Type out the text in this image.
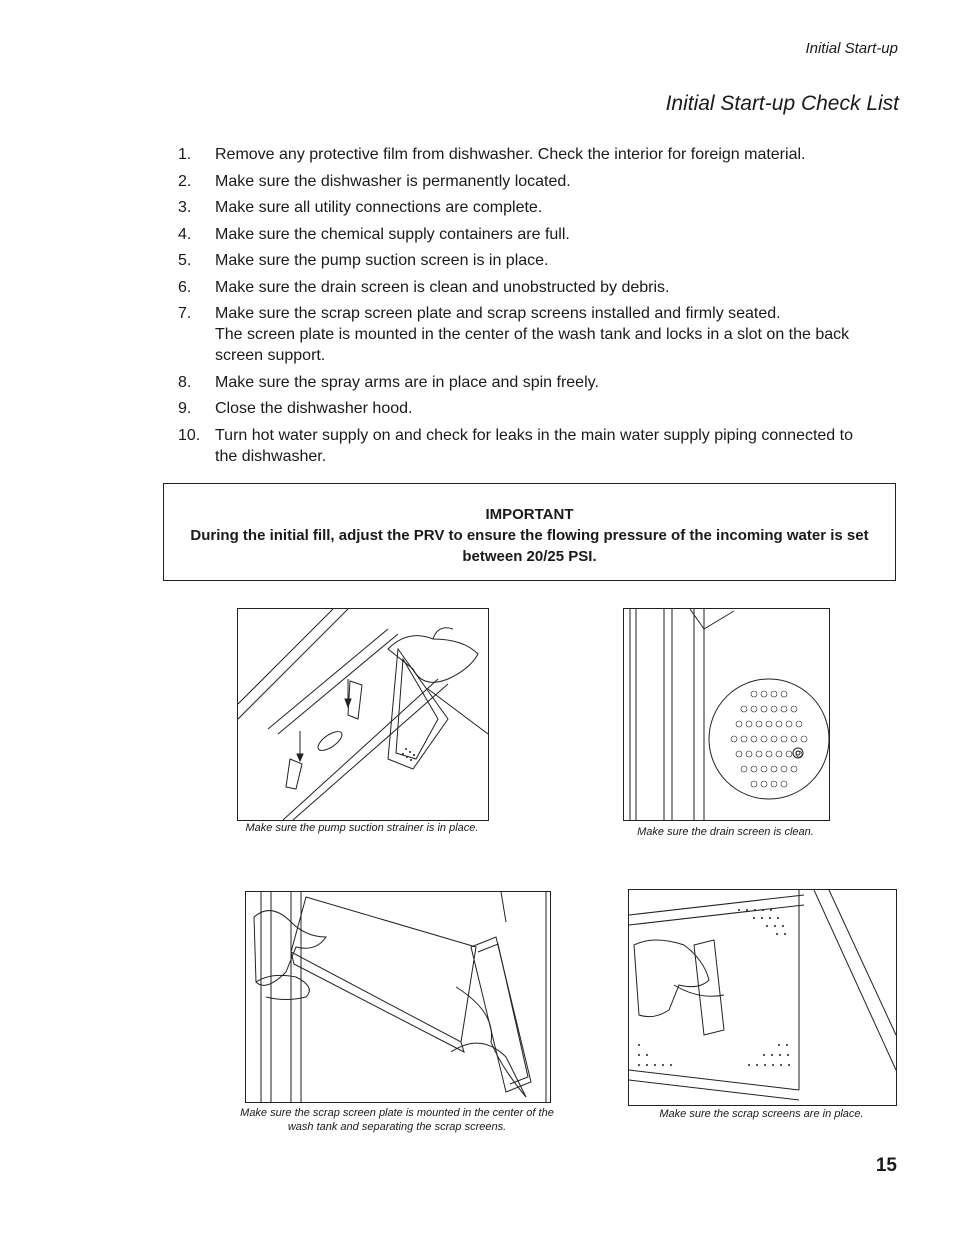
Initial Start-up
Initial Start-up Check List
1.	Remove any protective film from dishwasher. Check the interior for foreign material.
2.	Make sure the dishwasher is permanently located.
3.	Make sure all utility connections are complete.
4.	Make sure the chemical supply containers are full.
5.	Make sure the pump suction screen is in place.
6.	Make sure the drain screen is clean and unobstructed by debris.
7.	Make sure the scrap screen plate and scrap screens installed and firmly seated.
The screen plate is mounted in the center of the wash tank and locks in a slot on the back screen support.
8.	Make sure the spray arms are in place and spin freely.
9.	Close the dishwasher hood.
10. Turn hot water supply on and check for leaks in the main water supply piping connected to the dishwasher.
IMPORTANT
During the initial fill, adjust the PRV to ensure the flowing pressure of the incoming water is set between 20/25 PSI.
Make sure the pump suction strainer is in place.	Make sure the drain screen is clean.
Make sure the scrap screen plate is mounted in the center of the wash tank and separating the scrap screens.
Make sure the scrap screens are in place.
15
